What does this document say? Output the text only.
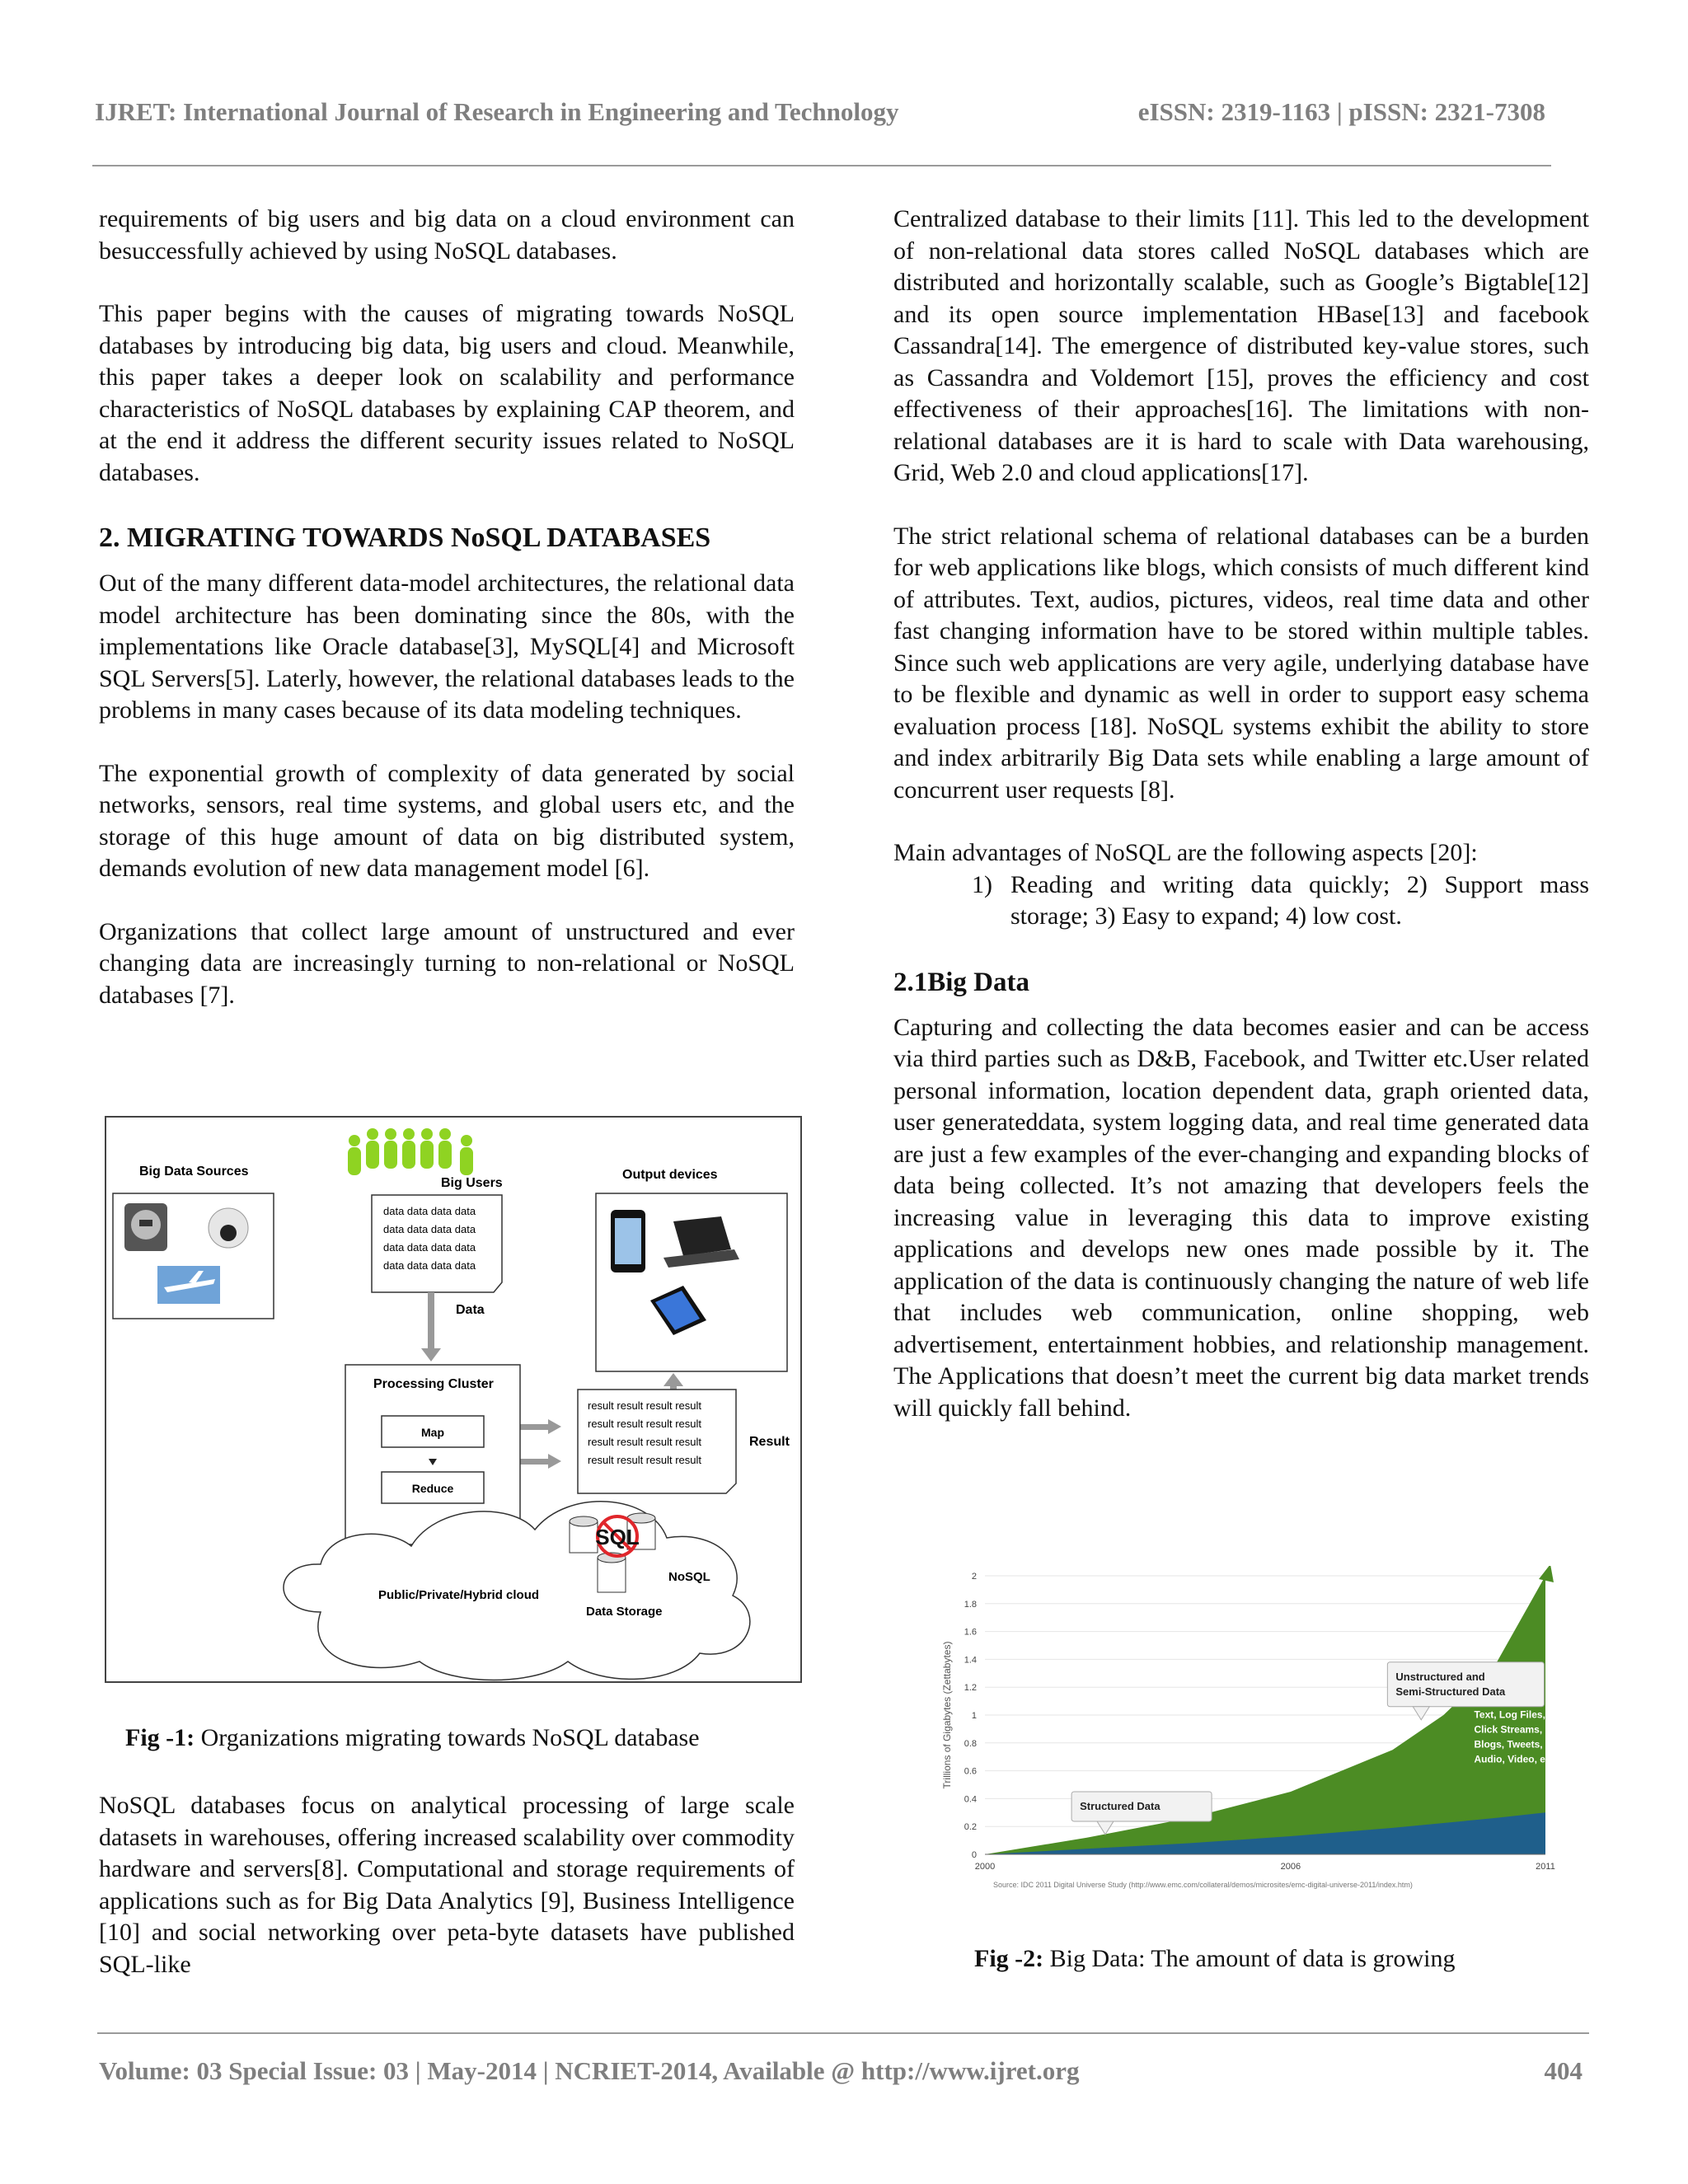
IJRET: International Journal of Research in Engineering and Technology	eISSN: 2319-1163 | pISSN: 2321-7308

requirements of big users and big data on a cloud environment can besuccessfully achieved by using NoSQL databases.

This paper begins with the causes of migrating towards NoSQL databases by introducing big data, big users and cloud. Meanwhile, this paper takes a deeper look on scalability and performance characteristics of NoSQL databases by explaining CAP theorem, and at the end it address the different security issues related to NoSQL databases.

2. MIGRATING TOWARDS NoSQL DATABASES

Out of the many different data-model architectures, the relational data model architecture has been dominating since the 80s, with the implementations like Oracle database[3], MySQL[4] and Microsoft SQL Servers[5]. Laterly, however, the relational databases leads to the problems in many cases because of its data modeling techniques.

The exponential growth of complexity of data generated by social networks, sensors, real time systems, and global users etc, and the storage of this huge amount of data on big distributed system, demands evolution of new data management model [6].

Organizations that collect large amount of unstructured and ever changing data are increasingly turning to non-relational or NoSQL databases [7].

Big Data Sources
Big Users
data data data data
data data data data
data data data data
data data data data
Data
Output devices
Processing Cluster
Map
Reduce
result result result result
result result result result
result result result result
result result result result
Result
Public/Private/Hybrid cloud
Data Storage
NoSQL
SQL
Fig -1: Organizations migrating towards NoSQL database

NoSQL databases focus on analytical processing of large scale datasets in warehouses, offering increased scalability over commodity hardware and servers[8]. Computational and storage requirements of applications such as for Big Data Analytics [9], Business Intelligence [10] and social networking over peta-byte datasets have published SQL-like

Centralized database to their limits [11]. This led to the development of non-relational data stores called NoSQL databases which are distributed and horizontally scalable, such as Google’s Bigtable[12] and its open source implementation HBase[13] and facebook Cassandra[14]. The emergence of distributed key-value stores, such as Cassandra and Voldemort [15], proves the efficiency and cost effectiveness of their approaches[16]. The limitations with non-relational databases are it is hard to scale with Data warehousing, Grid, Web 2.0 and cloud applications[17].

The strict relational schema of relational databases can be a burden for web applications like blogs, which consists of much different kind of attributes. Text, audios, pictures, videos, real time data and other fast changing information have to be stored within multiple tables. Since such web applications are very agile, underlying database have to be flexible and dynamic as well in order to support easy schema evaluation process [18]. NoSQL systems exhibit the ability to store and index arbitrarily Big Data sets while enabling a large amount of concurrent user requests [8].

Main advantages of NoSQL are the following aspects [20]:

1) Reading and writing data quickly; 2) Support mass storage; 3) Easy to expand; 4) low cost.
2.1Big Data

Capturing and collecting the data becomes easier and can be access via third parties such as D&B, Facebook, and Twitter etc.User related personal information, location dependent data, graph oriented data, user generateddata, system logging data, and real time generated data are just a few examples of the ever-changing and expanding blocks of data being collected. It’s not amazing that developers feels the increasing value in leveraging this data to improve existing applications and develops new ones made possible by it. The application of the data is continuously changing the nature of web life that includes web communication, online shopping, web advertisement, entertainment hobbies, and relationship management. The Applications that doesn’t meet the current big data market trends will quickly fall behind.

0
0.2
0.4
0.6
0.8
1
1.2
1.4
1.6
1.8
2
2000	2006	2011
Trillions of Gigabytes (Zettabytes)
Structured Data
Unstructured and
Semi-Structured Data
Text, Log Files,
Click Streams,
Blogs, Tweets,
Audio, Video, etc.
Source: IDC 2011 Digital Universe Study (http://www.emc.com/collateral/demos/microsites/emc-digital-universe-2011/index.htm)
Fig -2: Big Data: The amount of data is growing
Volume: 03 Special Issue: 03 | May-2014 | NCRIET-2014, Available @ http://www.ijret.org	404
